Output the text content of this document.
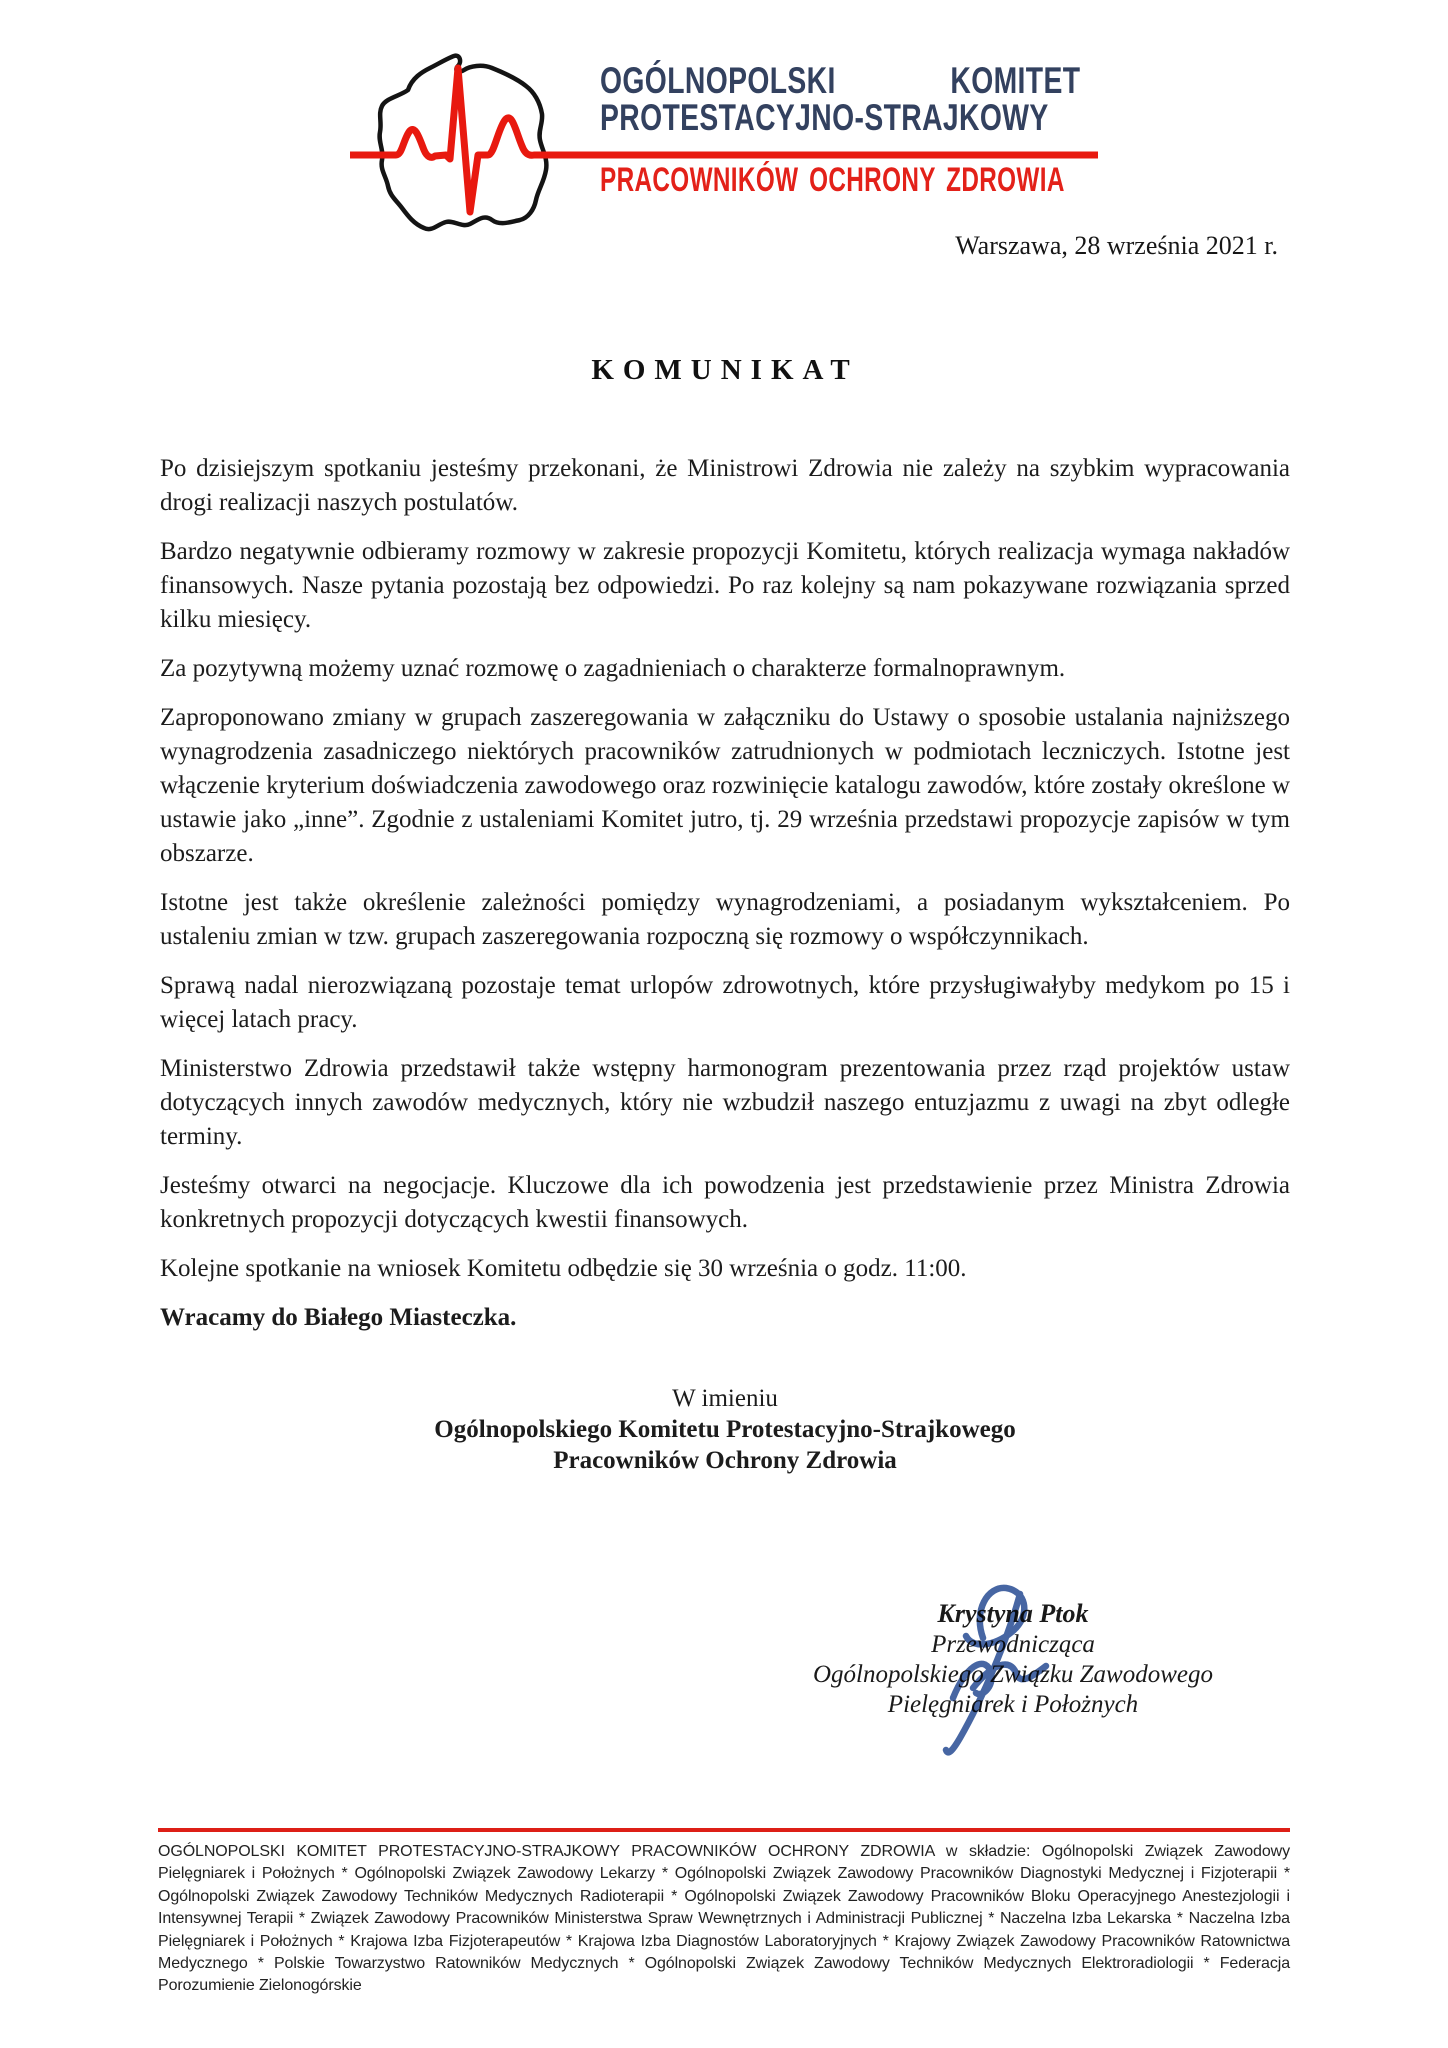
OGÓLNOPOLSKI KOMITET
PROTESTACYJNO-STRAJKOWY
PRACOWNIKÓW OCHRONY ZDROWIA
Warszawa, 28 września 2021 r.
KOMUNIKAT

Po dzisiejszym spotkaniu jesteśmy przekonani, że Ministrowi Zdrowia nie zależy na szybkim wypracowania drogi realizacji naszych postulatów.

Bardzo negatywnie odbieramy rozmowy w zakresie propozycji Komitetu, których realizacja wymaga nakładów finansowych. Nasze pytania pozostają bez odpowiedzi. Po raz kolejny są nam pokazywane rozwiązania sprzed kilku miesięcy.

Za pozytywną możemy uznać rozmowę o zagadnieniach o charakterze formalnoprawnym.

Zaproponowano zmiany w grupach zaszeregowania w załączniku do Ustawy o sposobie ustalania najniższego wynagrodzenia zasadniczego niektórych pracowników zatrudnionych w podmiotach leczniczych. Istotne jest włączenie kryterium doświadczenia zawodowego oraz rozwinięcie katalogu zawodów, które zostały określone w ustawie jako „inne”. Zgodnie z ustaleniami Komitet jutro, tj. 29 września przedstawi propozycje zapisów w tym obszarze.

Istotne jest także określenie zależności pomiędzy wynagrodzeniami, a posiadanym wykształceniem. Po ustaleniu zmian w tzw. grupach zaszeregowania rozpoczną się rozmowy o współczynnikach.

Sprawą nadal nierozwiązaną pozostaje temat urlopów zdrowotnych, które przysługiwałyby medykom po 15 i więcej latach pracy.

Ministerstwo Zdrowia przedstawił także wstępny harmonogram prezentowania przez rząd projektów ustaw dotyczących innych zawodów medycznych, który nie wzbudził naszego entuzjazmu z uwagi na zbyt odległe terminy.

Jesteśmy otwarci na negocjacje. Kluczowe dla ich powodzenia jest przedstawienie przez Ministra Zdrowia konkretnych propozycji dotyczących kwestii finansowych.

Kolejne spotkanie na wniosek Komitetu odbędzie się 30 września o godz. 11:00.

Wracamy do Białego Miasteczka.

W imieniu
Ogólnopolskiego Komitetu Protestacyjno-Strajkowego
Pracowników Ochrony Zdrowia
Krystyna Ptok
Przewodnicząca
Ogólnopolskiego Związku Zawodowego
Pielęgniarek i Położnych

OGÓLNOPOLSKI KOMITET PROTESTACYJNO-STRAJKOWY PRACOWNIKÓW OCHRONY ZDROWIA w składzie: Ogólnopolski Związek Zawodowy Pielęgniarek i Położnych * Ogólnopolski Związek Zawodowy Lekarzy * Ogólnopolski Związek Zawodowy Pracowników Diagnostyki Medycznej i Fizjoterapii * Ogólnopolski Związek Zawodowy Techników Medycznych Radioterapii * Ogólnopolski Związek Zawodowy Pracowników Bloku Operacyjnego Anestezjologii i Intensywnej Terapii * Związek Zawodowy Pracowników Ministerstwa Spraw Wewnętrznych i Administracji Publicznej * Naczelna Izba Lekarska * Naczelna Izba Pielęgniarek i Położnych * Krajowa Izba Fizjoterapeutów * Krajowa Izba Diagnostów Laboratoryjnych * Krajowy Związek Zawodowy Pracowników Ratownictwa Medycznego * Polskie Towarzystwo Ratowników Medycznych * Ogólnopolski Związek Zawodowy Techników Medycznych Elektroradiologii * Federacja Porozumienie Zielonogórskie
